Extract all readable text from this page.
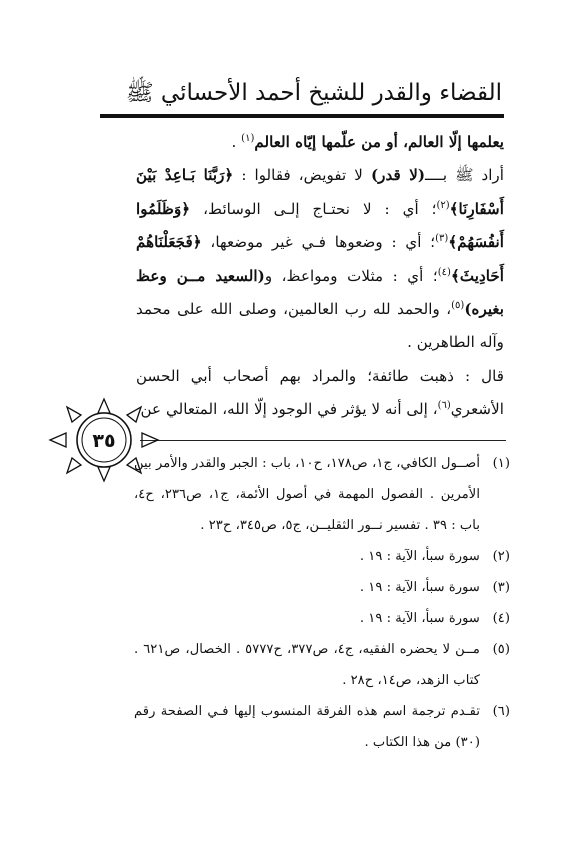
القضاء والقدر للشيخ أحمد الأحسائي ﷺ

يعلمها إلّا العالم، أو من علّمها إيّاه العالم$^{(١)}$ .

أراد ﷺ بــــ(لا قدر) لا تفويض، فقالوا : ﴿رَبَّنَا بَـاعِدْ بَيْنَ أَسْفَارِنَا﴾$^{(٢)}$؛ أي : لا نحتـاج إلـى الوسائط، ﴿وَظَلَمُوا أَنفُسَهُمْ﴾$^{(٣)}$؛ أي : وضعوها فـي غير موضعها، ﴿فَجَعَلْنَاهُمْ أَحَادِيثَ﴾$^{(٤)}$؛ أي : مثلات ومواعظ، و(السعيد مــن وعظ بغيره)$^{(٥)}$، والحمد لله رب العالمين، وصلى الله على محمد وآله الطاهرين .

قال : ذهبت طائفة؛ والمراد بهم أصحاب أبي الحسن الأشعري$^{(٦)}$، إلى أنه لا يؤثر في الوجود إلّا الله، المتعالي عن

(١)
أصــول الكافي، ج١، ص١٧٨، ح١٠، باب : الجبر والقدر والأمر بين الأمرين . الفصول المهمة في أصول الأئمة، ج١، ص٢٣٦، ح٤، باب : ٣٩ . تفسير نــور الثقليــن، ج٥، ص٣٤٥، ح٢٣ .
(٢)
سورة سبأ، الآية : ١٩ .
(٣)
سورة سبأ، الآية : ١٩ .
(٤)
سورة سبأ، الآية : ١٩ .
(٥)
مــن لا يحضره الفقيه، ج٤، ص٣٧٧، ح٥٧٧٧ . الخصال، ص٦٢١ . كتاب الزهد، ص١٤، ح٢٨ .
(٦)
تقـدم ترجمة اسم هذه الفرقة المنسوب إليها فـي الصفحة رقم (٣٠) من هذا الكتاب .
٣٥
